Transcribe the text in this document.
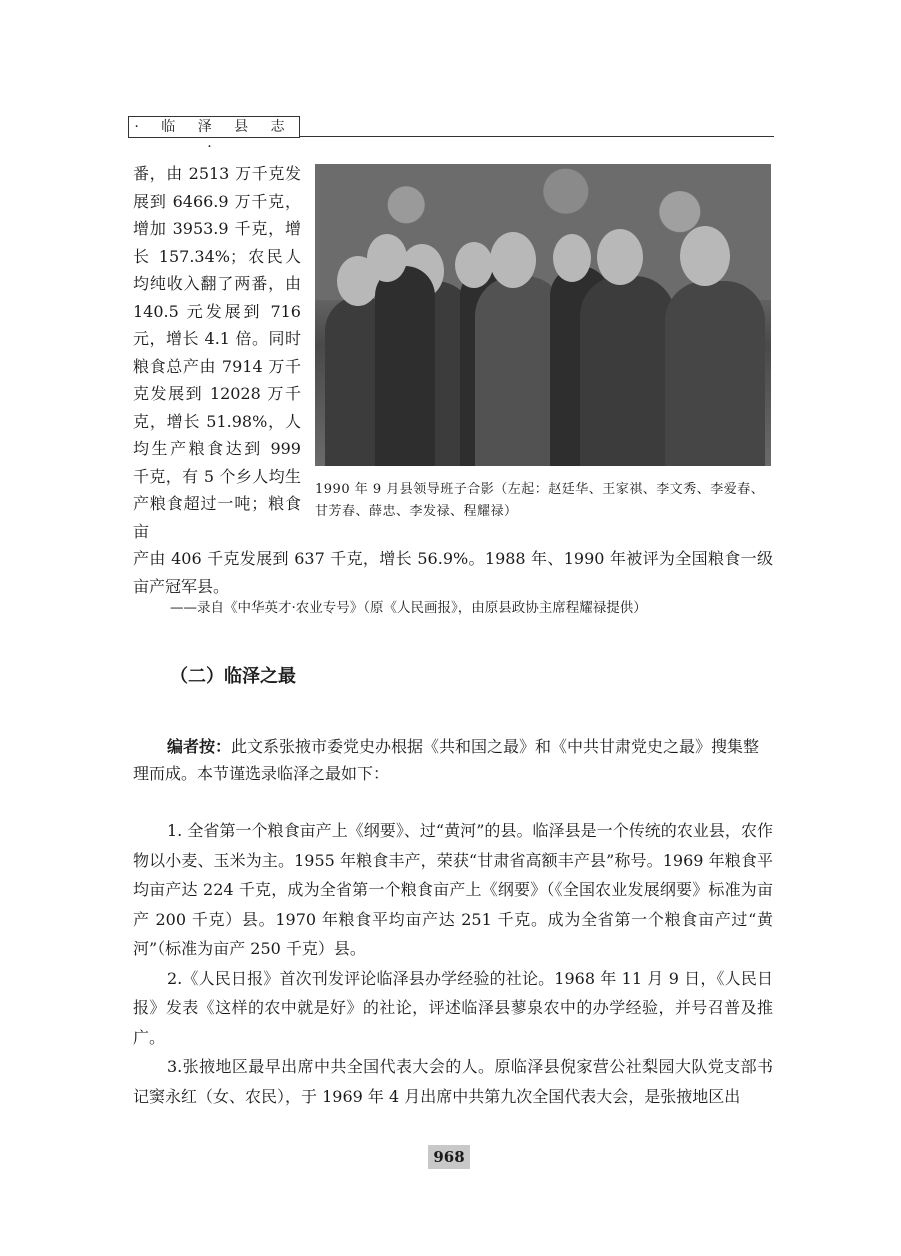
· 临 泽 县 志 ·

番，由 2513 万千克发展到 6466.9 万千克，增加 3953.9 千克，增长 157.34%；农民人均纯收入翻了两番，由 140.5 元发展到 716 元，增长 4.1 倍。同时粮食总产由 7914 万千克发展到 12028 万千克，增长 51.98%，人均生产粮食达到 999 千克，有 5 个乡人均生产粮食超过一吨；粮食亩

1990 年 9 月县领导班子合影（左起：赵廷华、王家祺、李文秀、李爱春、甘芳春、薛忠、李发禄、程耀禄）
产由 406 千克发展到 637 千克，增长 56.9%。1988 年、1990 年被评为全国粮食一级亩产冠军县。
——录自《中华英才·农业专号》（原《人民画报》，由原县政协主席程耀禄提供）
（二）临泽之最
编者按：此文系张掖市委党史办根据《共和国之最》和《中共甘肃党史之最》搜集整理而成。本节谨选录临泽之最如下：

1. 全省第一个粮食亩产上《纲要》、过“黄河”的县。临泽县是一个传统的农业县，农作物以小麦、玉米为主。1955 年粮食丰产，荣获“甘肃省高额丰产县”称号。1969 年粮食平均亩产达 224 千克，成为全省第一个粮食亩产上《纲要》（《全国农业发展纲要》标准为亩产 200 千克）县。1970 年粮食平均亩产达 251 千克。成为全省第一个粮食亩产过“黄河”（标准为亩产 250 千克）县。

2.《人民日报》首次刊发评论临泽县办学经验的社论。1968 年 11 月 9 日，《人民日报》发表《这样的农中就是好》的社论，评述临泽县蓼泉农中的办学经验，并号召普及推广。

3.张掖地区最早出席中共全国代表大会的人。原临泽县倪家营公社梨园大队党支部书记窦永红（女、农民），于 1969 年 4 月出席中共第九次全国代表大会，是张掖地区出

968
